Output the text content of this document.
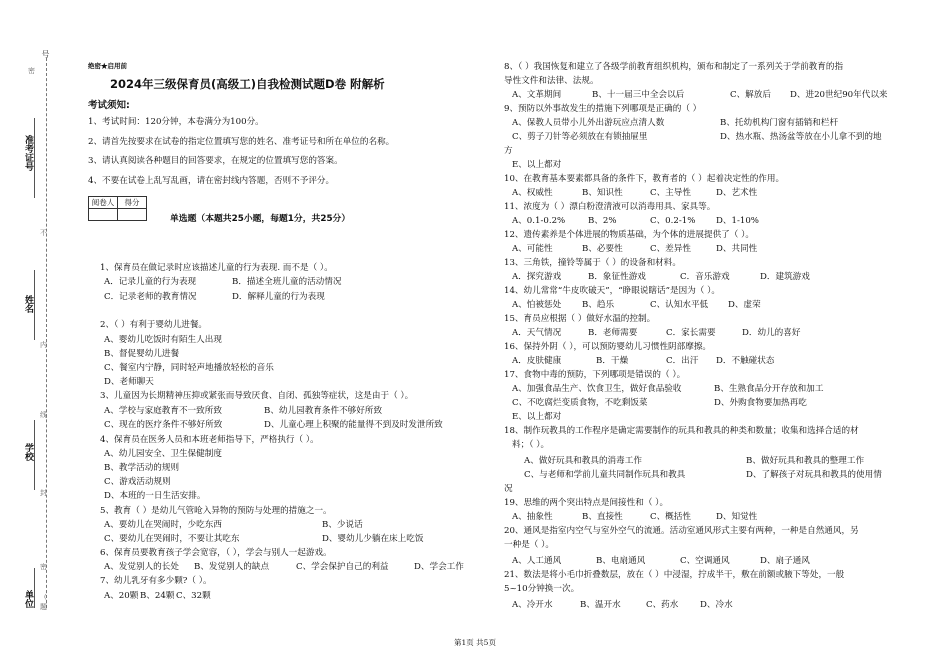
号
密
准考证号
不
姓名
内
线
学校
封
密
单位 （
题
绝密★启用前
2024年三级保育员(高级工)自我检测试题D卷 附解析
考试须知:
1、考试时间：120分钟，本卷满分为100分。
2、请首先按要求在试卷的指定位置填写您的姓名、准考证号和所在单位的名称。
3、请认真阅读各种题目的回答要求，在规定的位置填写您的答案。
4、不要在试卷上乱写乱画，请在密封线内答题，否则不予评分。
阅卷人	得分

单选题（本题共25小题，每题1分，共25分）
1、保育员在做记录时应该描述儿童的行为表现. 而不是（ ）。
A．记录儿童的行为表现	B．描述全班儿童的活动情况
C．记录老师的教育情况	D．解释儿童的行为表现
2、（ ）有利于婴幼儿进餐。
A、婴幼儿吃饭时有陌生人出现
B、督促婴幼儿进餐
C、餐室内宁静，同时轻声地播放轻松的音乐
D、老师聊天
3、儿童因为长期精神压抑或紧张而导致厌食、自闭、孤独等症状，这是由于（ ）。
A、学校与家庭教育不一致所致	B、幼儿园教育条件不够好所致
C、现在的医疗条件不够好所致	D、儿童心理上积聚的能量得不到及时发泄所致
4、保育员在医务人员和本班老师指导下，严格执行（ ）。
A、幼儿园安全、卫生保健制度
B、教学活动的规则
C、游戏活动规则
D、本班的一日生活安排。
5、教育（ ）是幼儿气管呛入异物的预防与处理的措施之一。
A、要幼儿在哭闹时，少吃东西	B、少说话
C、要幼儿在哭闹时，不要让其吃东	D、婴幼儿少躺在床上吃饭
6、保育员要教育孩子学会宽容，（ ），学会与别人一起游戏。
A、发觉别人的长处 B、发觉别人的缺点	C、学会保护自己的利益	D、学会工作
7、幼儿乳牙有多少颗?（ ）。
A、20颗 B、24颗 C、32颗
8、（ ）我国恢复和建立了各级学前教育组织机构，颁布和制定了一系列关于学前教育的指
导性文件和法律、法规。
A、文革期间	B、十一届三中全会以后	C、解放后 D、进20世纪90年代以来
9、预防以外事故发生的措施下列哪项是正确的（ ）
A、保教人员带小儿外出游玩应点清人数	B、托幼机构门窗有插销和栏杆
C、剪子刀针等必须放在有锁抽屉里	D、热水瓶、热汤盆等放在小儿拿不到的地
方
E、以上都对
10、在教育基本要素都具备的条件下，教育者的（ ）起着决定性的作用。
A、权威性	B、知识性	C、主导性	D、艺术性
11、浓度为（ ）漂白粉澄清液可以消毒用具、家具等。
A、0.1-0.2%	B、2%	C、0.2-1% D、1-10%
12、遗传素养是个体进展的物质基础，为个体的进展提供了（ ）。
A、可能性	B、必要性	C、差异性	D、共同性
13、三角铁，撞铃等属于（ ）的设备和材料。
A．探究游戏	B．象征性游戏	C．音乐游戏	D．建筑游戏
14、幼儿常常“牛皮吹破天”，“睁眼说瞎话”是因为（ ）。
A、怕被惩处 B、趋乐	C、认知水平低 D、虚荣
15、育员应根据（ ）做好水温的控制。
A．天气情况	B．老师需要	C．家长需要	D．幼儿的喜好
16、保持外阴（ ），可以预防婴幼儿习惯性阴部摩擦。
A．皮肤健康	B．干燥	C．出汗 D．不触碰状态
17、食物中毒的预防，下列哪项是错误的（ ）。
A、加强食品生产、饮食卫生，做好食品验收	B、生熟食品分开存放和加工
C、不吃腐烂变质食物，不吃剩饭菜	D、外购食物要加热再吃
E、以上都对
18、制作玩教具的工作程序是确定需要制作的玩具和教具的种类和数量；收集和选择合适的材
料；（ ）。
A、做好玩具和教具的消毒工作	B、做好玩具和教具的整理工作
C、与老师和学前儿童共同制作玩具和教具	D、了解孩子对玩具和教具的使用情
况
19、思维的两个突出特点是间接性和（ ）。
A、抽象性	B、直接性	C、概括性	D、知觉性
20、通风是指室内空气与室外空气的流通。活动室通风形式主要有两种，一种是自然通风，另
一种是（ ）。
A、人工通风	B、电扇通风	C、空调通风	D、扇子通风
21、数法是将小毛巾折叠数层，放在（ ）中浸湿，拧成半干，敷在前额或腋下等处，一般
5~10分钟换一次。
A、冷开水	B、温开水	C、药水	D、冷水
第1页 共5页
